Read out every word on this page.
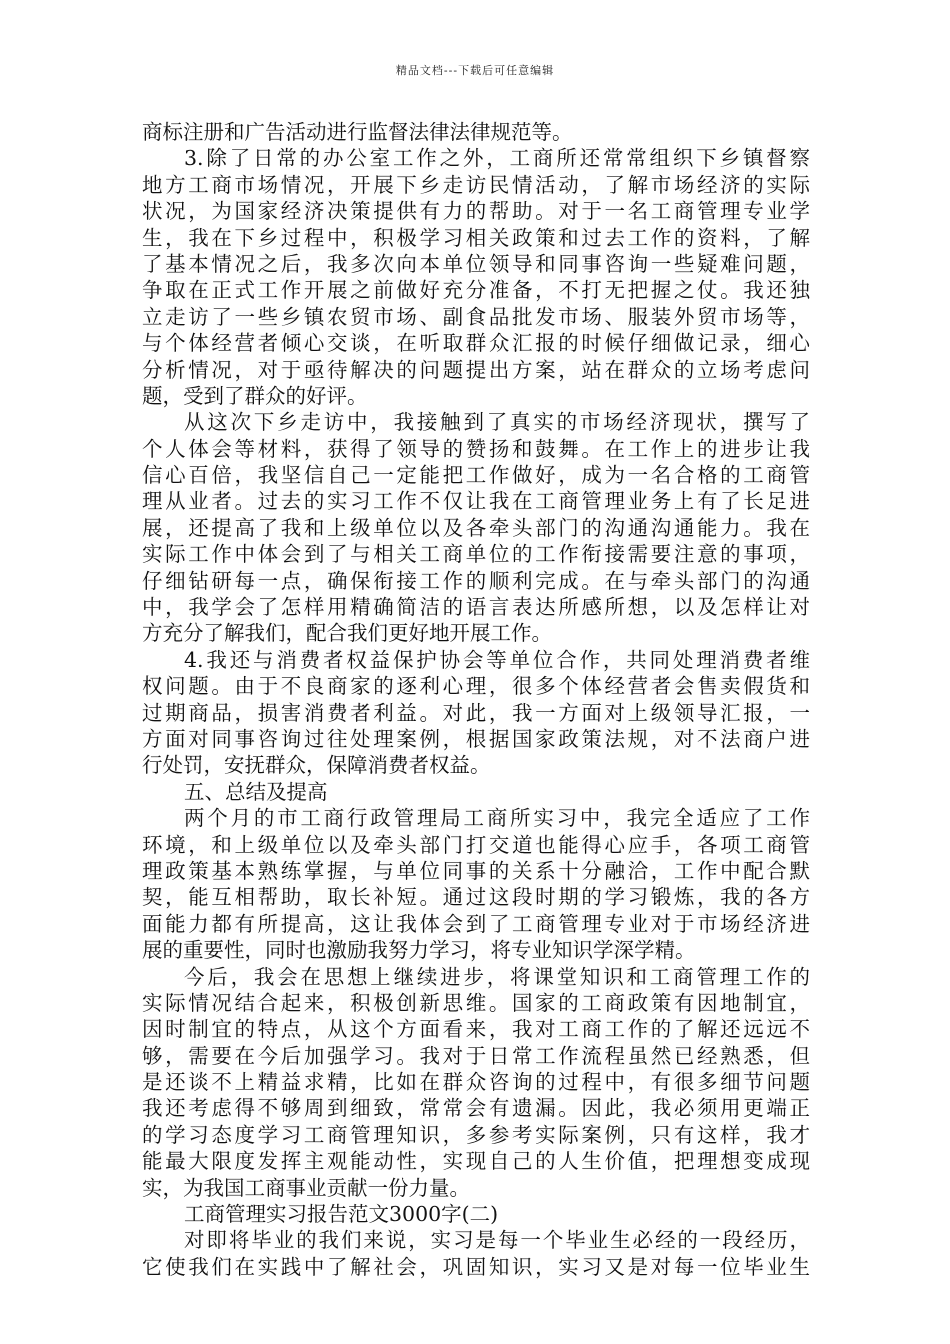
精品文档---下载后可任意编辑
商标注册和广告活动进行监督法律法律规范等。
3.除了日常的办公室工作之外，工商所还常常组织下乡镇督察
地方工商市场情况，开展下乡走访民情活动，了解市场经济的实际
状况，为国家经济决策提供有力的帮助。对于一名工商管理专业学
生，我在下乡过程中，积极学习相关政策和过去工作的资料，了解
了基本情况之后，我多次向本单位领导和同事咨询一些疑难问题，
争取在正式工作开展之前做好充分准备，不打无把握之仗。我还独
立走访了一些乡镇农贸市场、副食品批发市场、服装外贸市场等，
与个体经营者倾心交谈，在听取群众汇报的时候仔细做记录，细心
分析情况，对于亟待解决的问题提出方案，站在群众的立场考虑问
题，受到了群众的好评。
从这次下乡走访中，我接触到了真实的市场经济现状，撰写了
个人体会等材料，获得了领导的赞扬和鼓舞。在工作上的进步让我
信心百倍，我坚信自己一定能把工作做好，成为一名合格的工商管
理从业者。过去的实习工作不仅让我在工商管理业务上有了长足进
展，还提高了我和上级单位以及各牵头部门的沟通沟通能力。我在
实际工作中体会到了与相关工商单位的工作衔接需要注意的事项，
仔细钻研每一点，确保衔接工作的顺利完成。在与牵头部门的沟通
中，我学会了怎样用精确简洁的语言表达所感所想，以及怎样让对
方充分了解我们，配合我们更好地开展工作。
4.我还与消费者权益保护协会等单位合作，共同处理消费者维
权问题。由于不良商家的逐利心理，很多个体经营者会售卖假货和
过期商品，损害消费者利益。对此，我一方面对上级领导汇报，一
方面对同事咨询过往处理案例，根据国家政策法规，对不法商户进
行处罚，安抚群众，保障消费者权益。
五、总结及提高
两个月的市工商行政管理局工商所实习中，我完全适应了工作
环境，和上级单位以及牵头部门打交道也能得心应手，各项工商管
理政策基本熟练掌握，与单位同事的关系十分融洽，工作中配合默
契，能互相帮助，取长补短。通过这段时期的学习锻炼，我的各方
面能力都有所提高，这让我体会到了工商管理专业对于市场经济进
展的重要性，同时也激励我努力学习，将专业知识学深学精。
今后，我会在思想上继续进步，将课堂知识和工商管理工作的
实际情况结合起来，积极创新思维。国家的工商政策有因地制宜，
因时制宜的特点，从这个方面看来，我对工商工作的了解还远远不
够，需要在今后加强学习。我对于日常工作流程虽然已经熟悉，但
是还谈不上精益求精，比如在群众咨询的过程中，有很多细节问题
我还考虑得不够周到细致，常常会有遗漏。因此，我必须用更端正
的学习态度学习工商管理知识，多参考实际案例，只有这样，我才
能最大限度发挥主观能动性，实现自己的人生价值，把理想变成现
实，为我国工商事业贡献一份力量。
工商管理实习报告范文3000字(二)
对即将毕业的我们来说，实习是每一个毕业生必经的一段经历，
它使我们在实践中了解社会，巩固知识，实习又是对每一位毕业生
